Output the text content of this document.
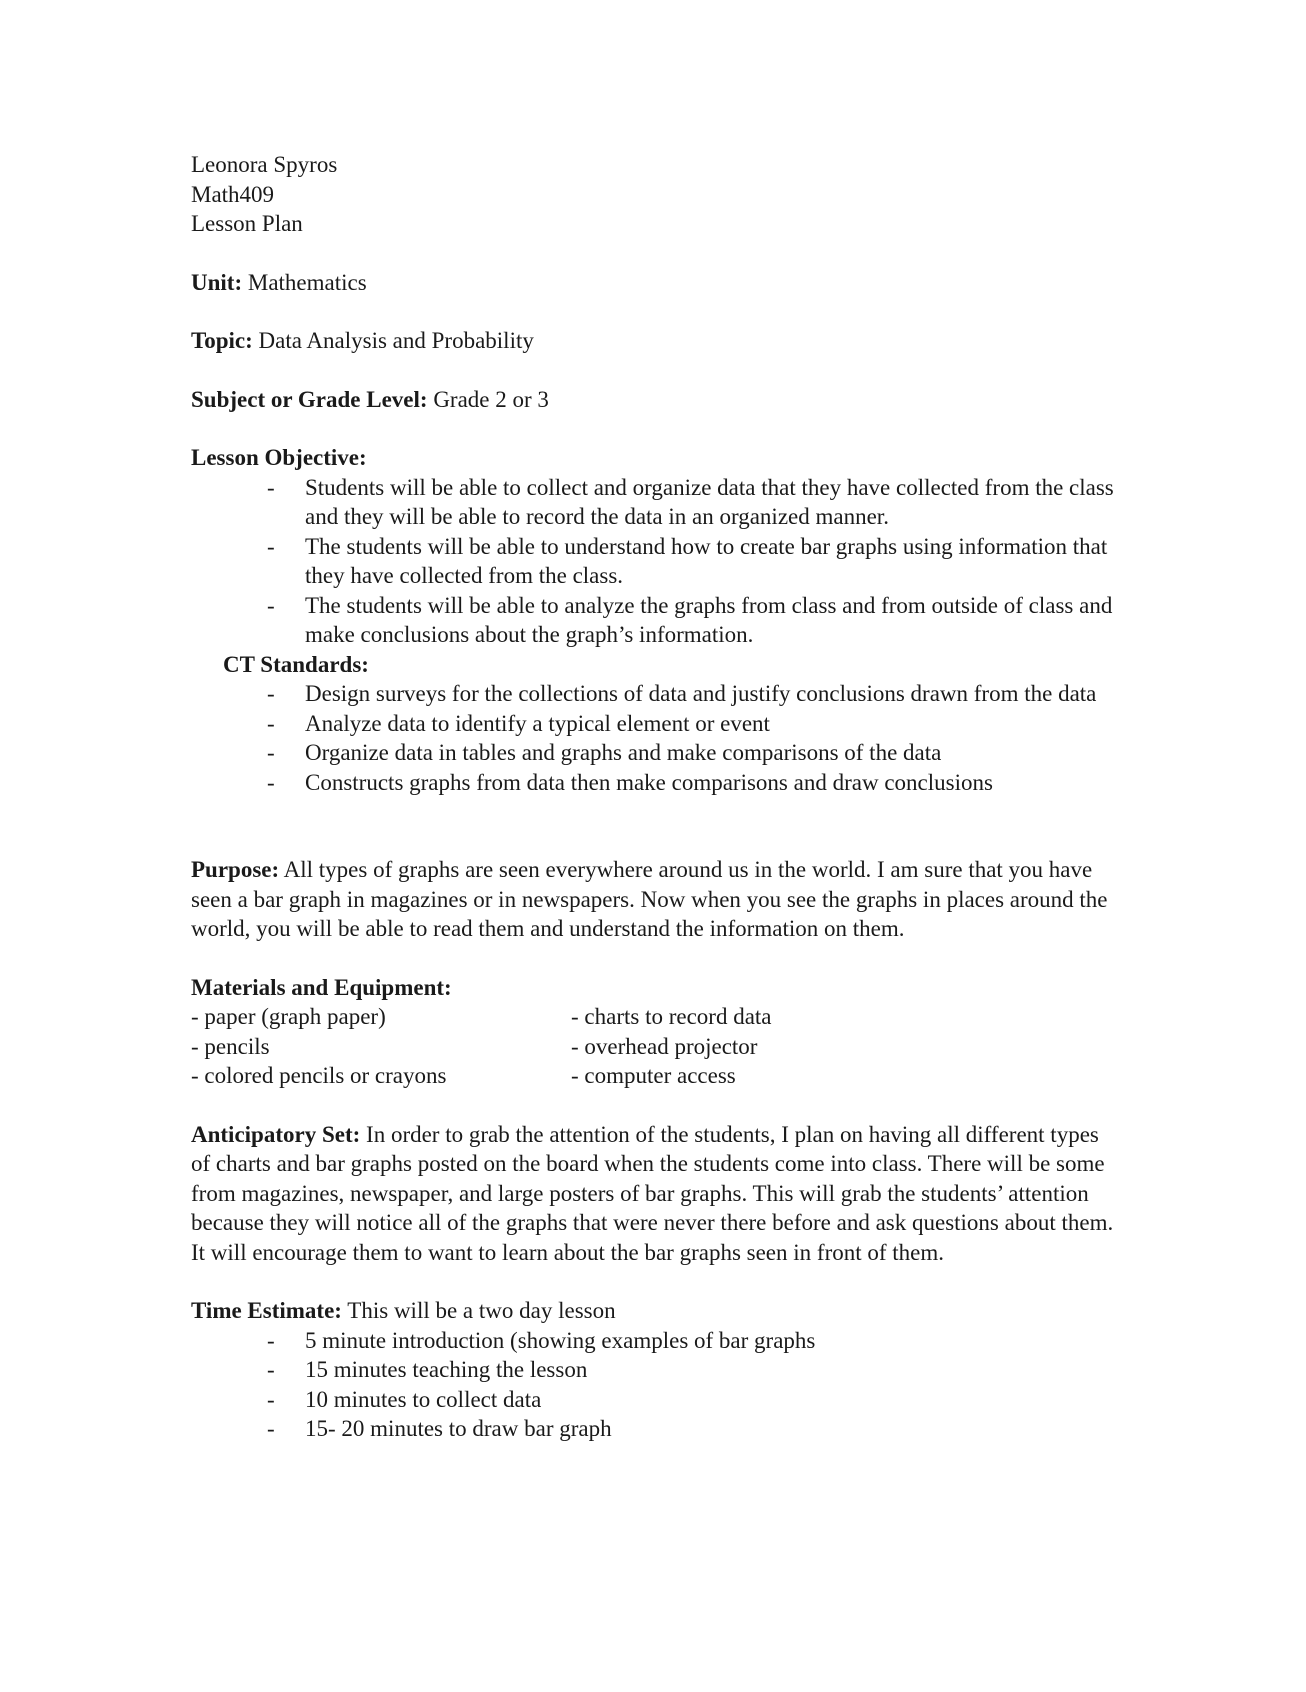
Leonora Spyros
Math409
Lesson Plan
Unit: Mathematics
Topic: Data Analysis and Probability
Subject or Grade Level: Grade 2 or 3
Lesson Objective:
- Students will be able to collect and organize data that they have collected from the class and they will be able to record the data in an organized manner.
- The students will be able to understand how to create bar graphs using information that they have collected from the class.
- The students will be able to analyze the graphs from class and from outside of class and make conclusions about the graph’s information.
CT Standards:
- Design surveys for the collections of data and justify conclusions drawn from the data
- Analyze data to identify a typical element or event
- Organize data in tables and graphs and make comparisons of the data
- Constructs graphs from data then make comparisons and draw conclusions
Purpose: All types of graphs are seen everywhere around us in the world. I am sure that you have seen a bar graph in magazines or in newspapers. Now when you see the graphs in places around the world, you will be able to read them and understand the information on them.
Materials and Equipment:
- paper (graph paper)
- pencils
- colored pencils or crayons
- charts to record data
- overhead projector
- computer access
Anticipatory Set: In order to grab the attention of the students, I plan on having all different types of charts and bar graphs posted on the board when the students come into class. There will be some from magazines, newspaper, and large posters of bar graphs. This will grab the students’ attention because they will notice all of the graphs that were never there before and ask questions about them. It will encourage them to want to learn about the bar graphs seen in front of them.
Time Estimate: This will be a two day lesson
- 5 minute introduction (showing examples of bar graphs
- 15 minutes teaching the lesson
- 10 minutes to collect data
- 15- 20 minutes to draw bar graph
